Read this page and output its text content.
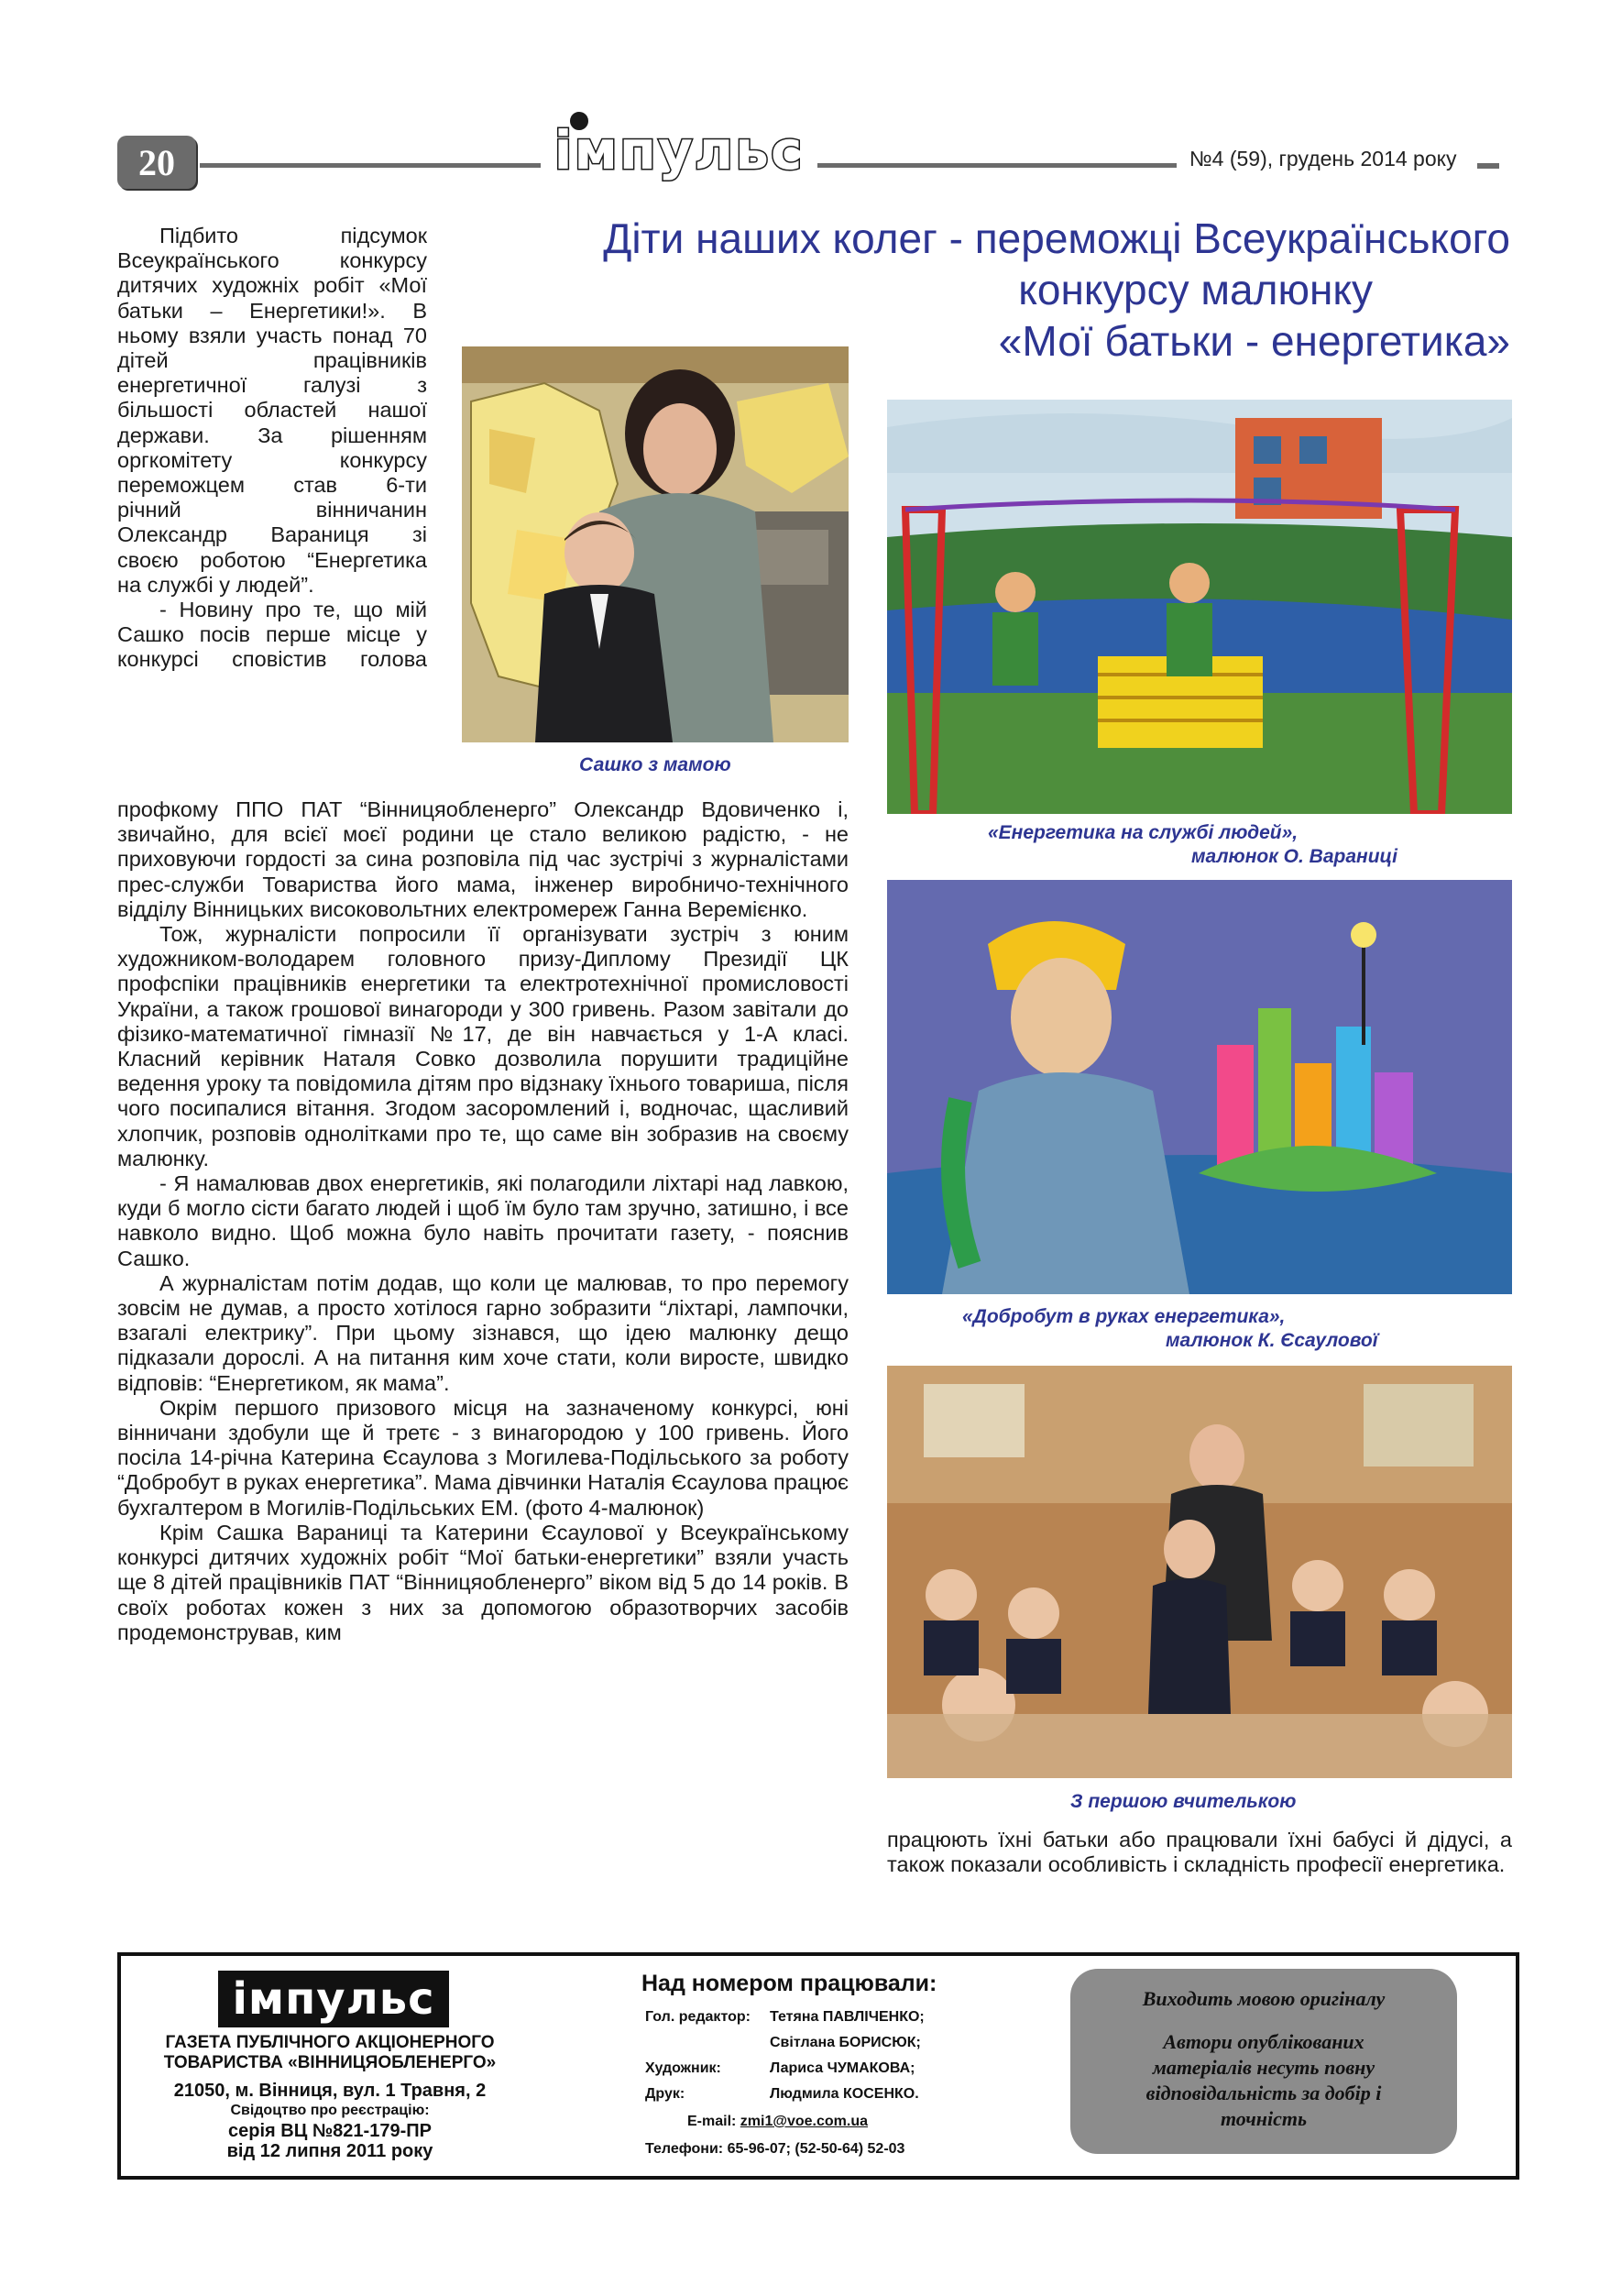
20	імпульс	№4 (59), грудень 2014 року
Діти наших колег - переможці Всеукраїнського
конкурсу малюнку
«Мої батьки - енергетика»
Підбито підсумок
Всеукраїнського конкурсу
дитячих художніх робіт «Мої
батьки – Енергетики!». В
ньому взяли участь понад 70
дітей працівників
енергетичної галузі з
більшості областей нашої
держави. За рішенням
оргкомітету конкурсу
переможцем став 6-ти
річний вінничанин
Олександр Вараниця зі
своєю роботою “Енергетика
на службі у людей”.
- Новину про те, що мій
Сашко посів перше місце у
конкурсі сповістив голова
Сашко з мамою
«Енергетика на службі людей»,
малюнок О. Вараниці
«Добробут в руках енергетика»,
малюнок К. Єсаулової
З першою вчителькою

профкому ППО ПАТ “Вінницяобленерго” Олександр Вдовиченко і, звичайно, для всієї моєї родини це стало великою радістю, - не приховуючи гордості за сина розповіла під час зустрічі з журналістами прес-служби Товариства його мама, інженер виробничо-технічного відділу Вінницьких високовольтних електромереж Ганна Веремієнко.

Тож, журналісти попросили її організувати зустріч з юним художником-володарем головного призу-Диплому Президії ЦК профспіки працівників енергетики та електротехнічної промисловості України, а також грошової винагороди у 300 гривень. Разом завітали до фізико-математичної гімназії №17, де він навчається у 1-А класі. Класний керівник Наталя Совко дозволила порушити традиційне ведення уроку та повідомила дітям про відзнаку їхнього товариша, після чого посипалися вітання. Згодом засоромлений і, водночас, щасливий хлопчик, розповів однолітками про те, що саме він зобразив на своєму малюнку.

- Я намалював двох енергетиків, які полагодили ліхтарі над лавкою, куди б могло сісти багато людей і щоб їм було там зручно, затишно, і все навколо видно. Щоб можна було навіть прочитати газету, - пояснив Сашко.

А журналістам потім додав, що коли це малював, то про перемогу зовсім не думав, а просто хотілося гарно зобразити “ліхтарі, лампочки, взагалі електрику”. При цьому зізнався, що ідею малюнку дещо підказали дорослі. А на питання ким хоче стати, коли виросте, швидко відповів: “Енергетиком, як мама”.

Окрім першого призового місця на зазначеному конкурсі, юні вінничани здобули ще й третє - з винагородою у 100 гривень. Його посіла 14-річна Катерина Єсаулова з Могилева-Подільського за роботу “Добробут в руках енергетика”. Мама дівчинки Наталія Єсаулова працює бухгалтером в Могилів-Подільських ЕМ. (фото 4-малюнок)

Крім Сашка Вараниці та Катерини Єсаулової у Всеукраїнському конкурсі дитячих художніх робіт “Мої батьки-енергетики” взяли участь ще 8 дітей працівників ПАТ “Вінницяобленерго” віком від 5 до 14 років. В своїх роботах кожен з них за допомогою образотворчих засобів продемонстрував, ким

працюють їхні батьки або працювали їхні бабусі й дідусі, а також показали особливість і складність професії енергетика.
імпульс
ГАЗЕТА ПУБЛІЧНОГО АКЦІОНЕРНОГО
ТОВАРИСТВА «ВІННИЦЯОБЛЕНЕРГО»
21050, м. Вінниця, вул. 1 Травня, 2
Свідоцтво про реєстрацію:
серія ВЦ №821-179-ПР
від 12 липня 2011 року
Над номером працювали:
Гол. редактор: Тетяна ПАВЛІЧЕНКО;
Світлана БОРИСЮК;
Художник:	Лариса ЧУМАКОВА;
Друк:	Людмила КОСЕНКО.
E-mail: zmi1@voe.com.ua
Телефони: 65-96-07; (52-50-64) 52-03
Виходить мовою оригіналу
Автори опублікованих матеріалів несуть повну відповідальність за добір і точність
